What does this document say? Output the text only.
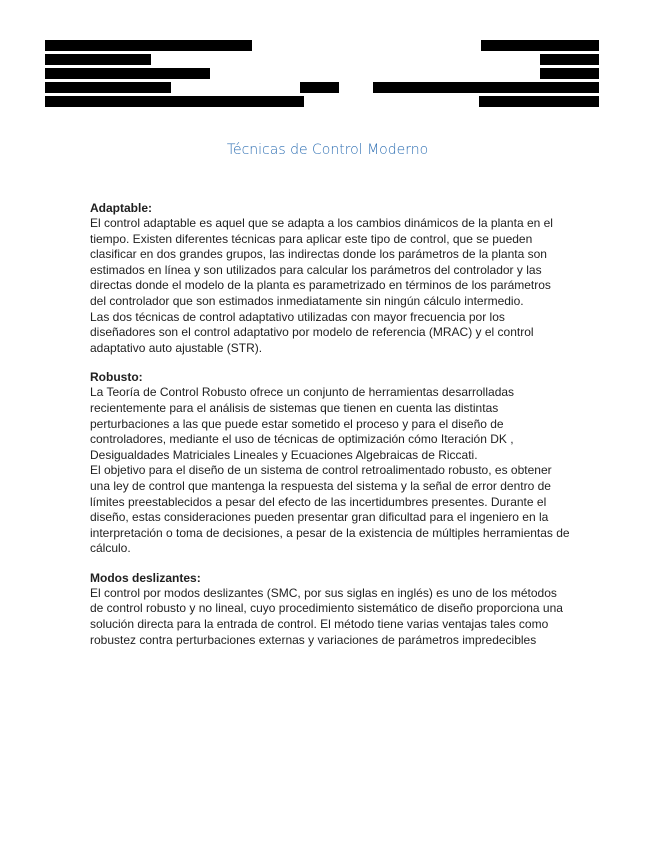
Técnicas de Control Moderno

Adaptable:

El control adaptable es aquel que se adapta a los cambios dinámicos de la planta en el tiempo. Existen diferentes técnicas para aplicar este tipo de control, que se pueden clasificar en dos grandes grupos, las indirectas donde los parámetros de la planta son estimados en línea y son utilizados para calcular los parámetros del controlador y las directas donde el modelo de la planta es parametrizado en términos de los parámetros del controlador que son estimados inmediatamente sin ningún cálculo intermedio.

Las dos técnicas de control adaptativo utilizadas con mayor frecuencia por los diseñadores son el control adaptativo por modelo de referencia (MRAC) y el control adaptativo auto ajustable (STR).

Robusto:

La Teoría de Control Robusto ofrece un conjunto de herramientas desarrolladas recientemente para el análisis de sistemas que tienen en cuenta las distintas perturbaciones a las que puede estar sometido el proceso y para el diseño de controladores, mediante el uso de técnicas de optimización cómo Iteración DK , Desigualdades Matriciales Lineales y Ecuaciones Algebraicas de Riccati.

El objetivo para el diseño de un sistema de control retroalimentado robusto, es obtener una ley de control que mantenga la respuesta del sistema y la señal de error dentro de límites preestablecidos a pesar del efecto de las incertidumbres presentes. Durante el diseño, estas consideraciones pueden presentar gran dificultad para el ingeniero en la interpretación o toma de decisiones, a pesar de la existencia de múltiples herramientas de cálculo.

Modos deslizantes:

El control por modos deslizantes (SMC, por sus siglas en inglés) es uno de los métodos de control robusto y no lineal, cuyo procedimiento sistemático de diseño proporciona una solución directa para la entrada de control. El método tiene varias ventajas tales como robustez contra perturbaciones externas y variaciones de parámetros impredecibles
